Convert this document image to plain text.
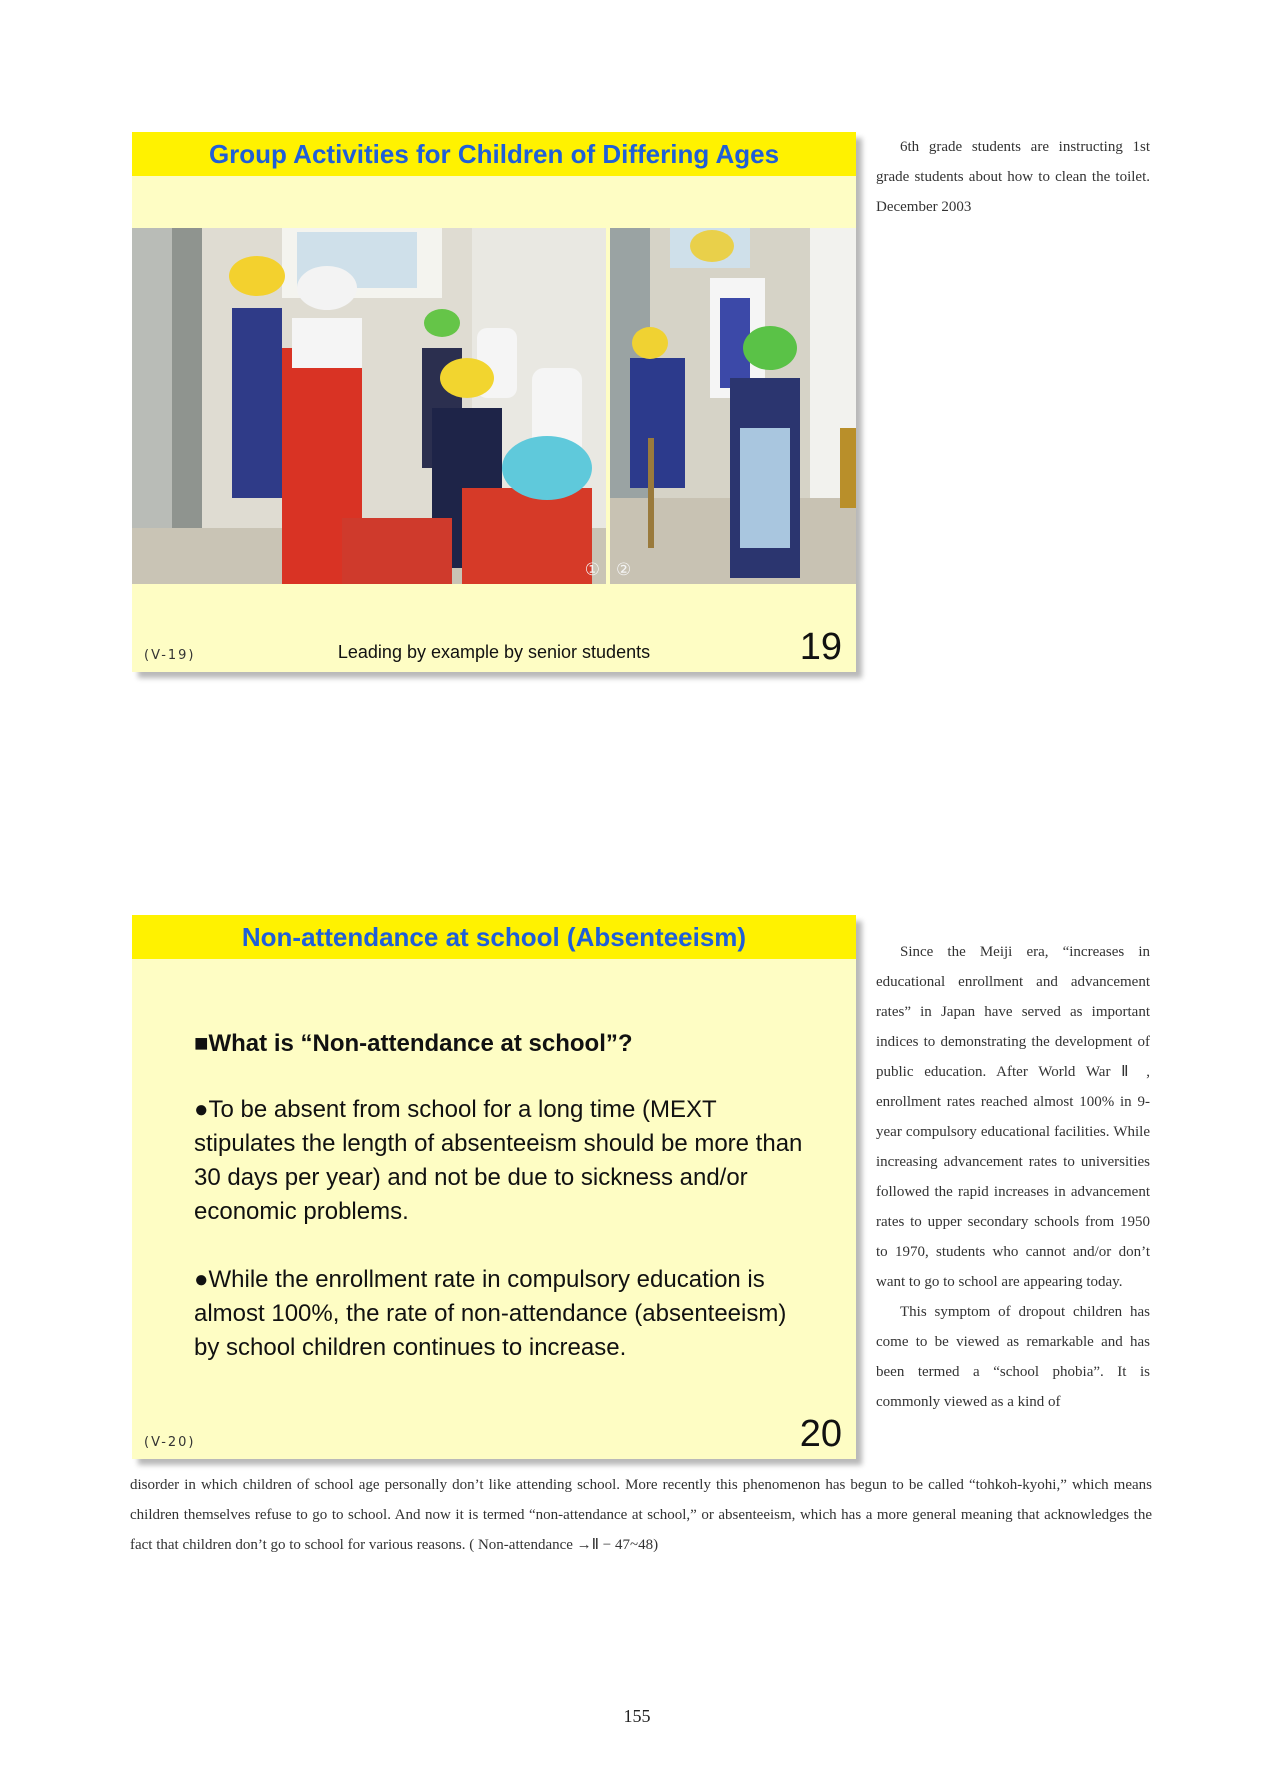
Group Activities for Children of Differing Ages
① ②
(V-19)	Leading by example by senior students	19

6th grade students are instructing 1st grade students about how to clean the toilet. December 2003

Non-attendance at school (Absenteeism)
■What is “Non-attendance at school”?
●To be absent from school for a long time (MEXT stipulates the length of absenteeism should be more than 30 days per year) and not be due to sickness and/or economic problems.
●While the enrollment rate in compulsory education is almost 100%, the rate of non-attendance (absenteeism) by school children continues to increase.
(V-20)	20

Since the Meiji era, “increases in educational enrollment and advancement rates” in Japan have served as important indices to demonstrating the development of public education. After World War Ⅱ , enrollment rates reached almost 100% in 9-year compulsory educational facilities. While increasing advancement rates to universities followed the rapid increases in advancement rates to upper secondary schools from 1950 to 1970, students who cannot and/or don’t want to go to school are appearing today.

This symptom of dropout children has come to be viewed as remarkable and has been termed a “school phobia”. It is commonly viewed as a kind of

disorder in which children of school age personally don’t like attending school. More recently this phenomenon has begun to be called “tohkoh-kyohi,” which means children themselves refuse to go to school. And now it is termed “non-attendance at school,” or absenteeism, which has a more general meaning that acknowledges the fact that children don’t go to school for various reasons. ( Non-attendance →Ⅱ − 47~48)
155
